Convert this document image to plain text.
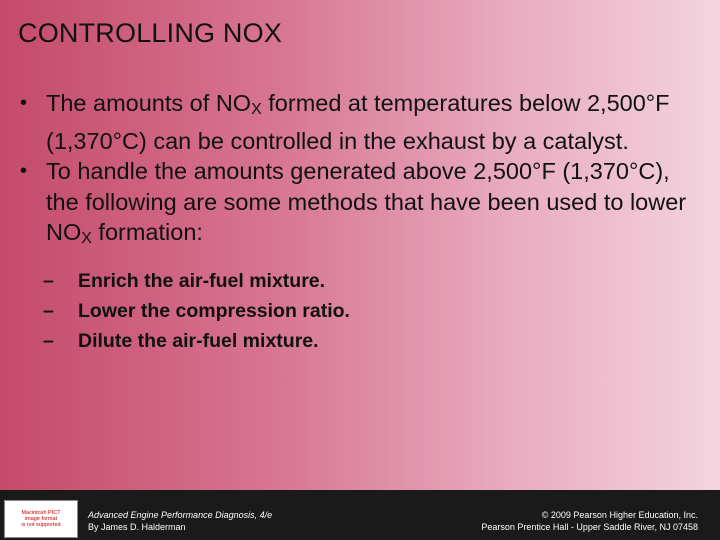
CONTROLLING NOX
• The amounts of NOX formed at temperatures below 2,500°F (1,370°C) can be controlled in the exhaust by a catalyst.
• To handle the amounts generated above 2,500°F (1,370°C), the following are some methods that have been used to lower NOX formation:
– Enrich the air-fuel mixture.
– Lower the compression ratio.
– Dilute the air-fuel mixture.
Macintosh PICT
image format
is not supported
Advanced Engine Performance Diagnosis, 4/e
By James D. Halderman
© 2009 Pearson Higher Education, Inc.
Pearson Prentice Hall - Upper Saddle River, NJ 07458
